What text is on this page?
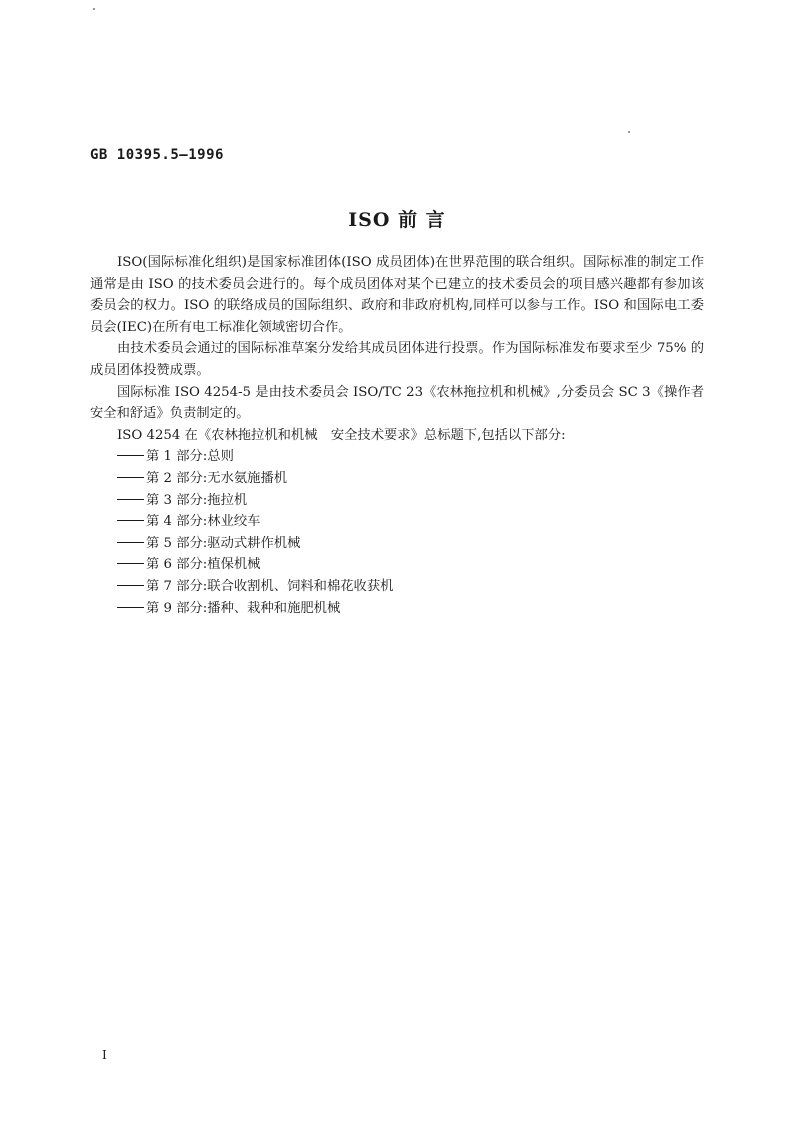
GB 10395.5—1996
ISO 前 言

ISO(国际标准化组织)是国家标准团体(ISO 成员团体)在世界范围的联合组织。国际标准的制定工作通常是由 ISO 的技术委员会进行的。每个成员团体对某个已建立的技术委员会的项目感兴趣都有参加该委员会的权力。ISO 的联络成员的国际组织、政府和非政府机构,同样可以参与工作。ISO 和国际电工委员会(IEC)在所有电工标准化领域密切合作。

由技术委员会通过的国际标准草案分发给其成员团体进行投票。作为国际标准发布要求至少 75% 的成员团体投赞成票。

国际标准 ISO 4254-5 是由技术委员会 ISO/TC 23《农林拖拉机和机械》,分委员会 SC 3《操作者安全和舒适》负责制定的。

ISO 4254 在《农林拖拉机和机械　安全技术要求》总标题下,包括以下部分:

第 1 部分:总则
第 2 部分:无水氨施播机
第 3 部分:拖拉机
第 4 部分:林业绞车
第 5 部分:驱动式耕作机械
第 6 部分:植保机械
第 7 部分:联合收割机、饲料和棉花收获机
第 9 部分:播种、栽种和施肥机械
I
